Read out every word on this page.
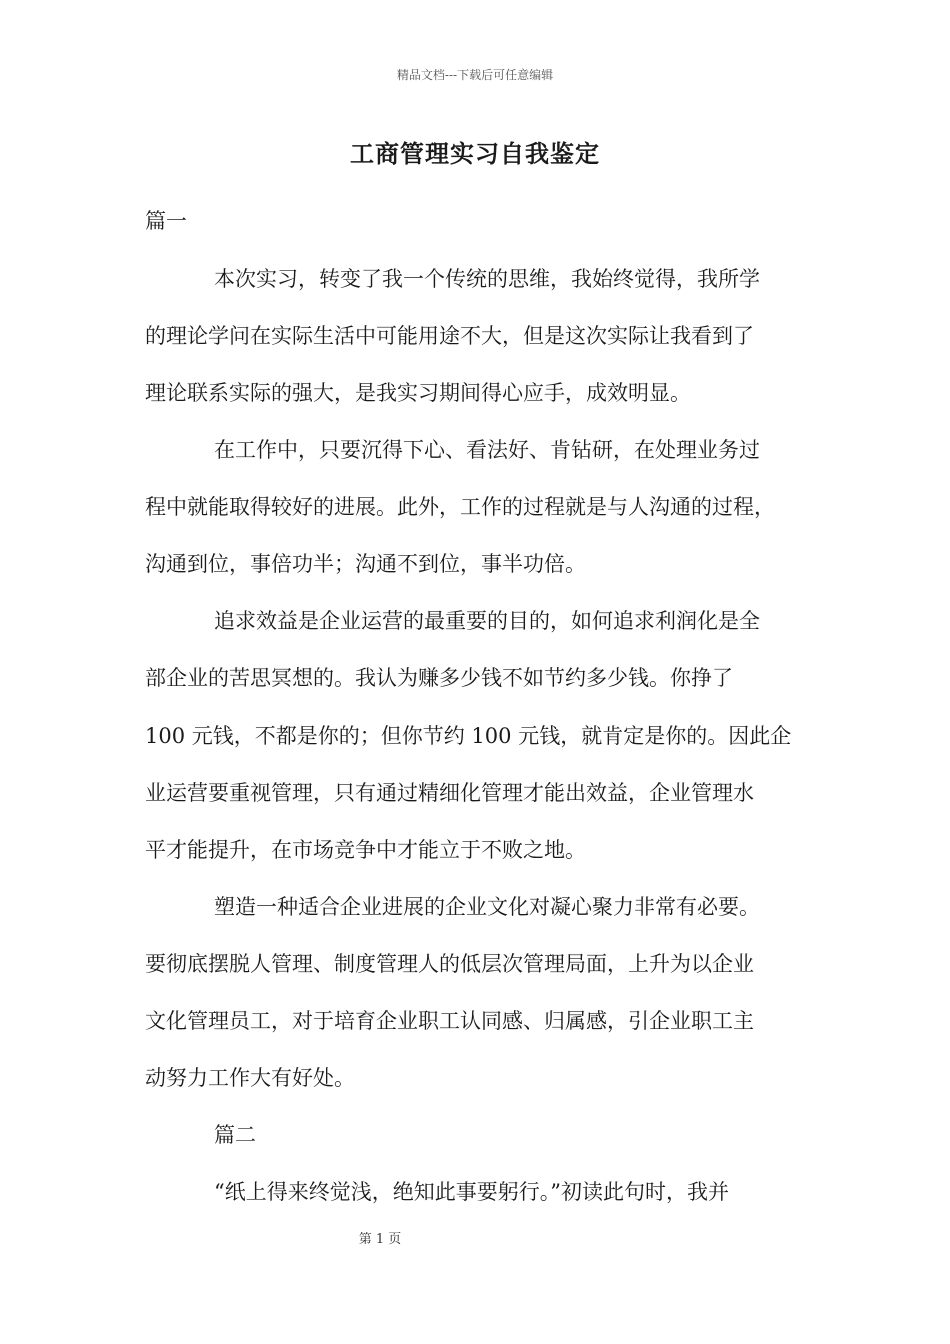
精品文档---下载后可任意编辑
工商管理实习自我鉴定
篇一
本次实习，转变了我一个传统的思维，我始终觉得，我所学
的理论学问在实际生活中可能用途不大，但是这次实际让我看到了
理论联系实际的强大，是我实习期间得心应手，成效明显。
在工作中，只要沉得下心、看法好、肯钻研，在处理业务过
程中就能取得较好的进展。此外，工作的过程就是与人沟通的过程，
沟通到位，事倍功半；沟通不到位，事半功倍。
追求效益是企业运营的最重要的目的，如何追求利润化是全
部企业的苦思冥想的。我认为赚多少钱不如节约多少钱。你挣了
100 元钱，不都是你的；但你节约 100 元钱，就肯定是你的。因此企
业运营要重视管理，只有通过精细化管理才能出效益，企业管理水
平才能提升，在市场竞争中才能立于不败之地。
塑造一种适合企业进展的企业文化对凝心聚力非常有必要。
要彻底摆脱人管理、制度管理人的低层次管理局面，上升为以企业
文化管理员工，对于培育企业职工认同感、归属感，引企业职工主
动努力工作大有好处。
篇二
“纸上得来终觉浅，绝知此事要躬行。”初读此句时，我并
第 1 页
